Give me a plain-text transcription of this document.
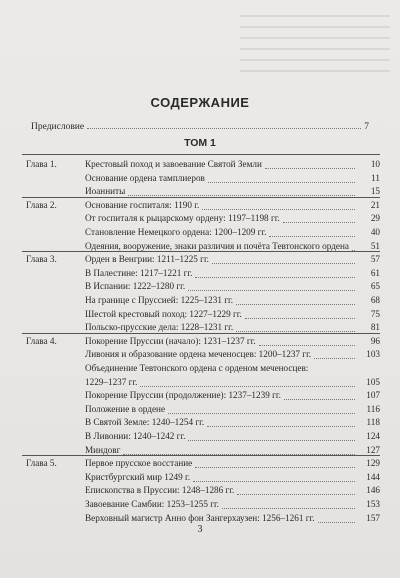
СОДЕРЖАНИЕ
Предисловие	7
ТОМ 1
Глава 1.	Крестовый поход и завоевание Святой Земли	10
Основание ордена тамплиеров	11
Иоанниты	15
Глава 2.	Основание госпиталя: 1190 г.	21
От госпиталя к рыцарскому ордену: 1197–1198 гг.	29
Становление Немецкого ордена: 1200–1209 гг.	40
Одеяния, вооружение, знаки различия и почёта Тевтонского ордена	51
Глава 3.	Орден в Венгрии: 1211–1225 гг.	57
В Палестине: 1217–1221 гг.	61
В Испании: 1222–1280 гг.	65
На границе с Пруссией: 1225–1231 гг.	68
Шестой крестовый поход: 1227–1229 гг.	75
Польско-прусские дела: 1228–1231 гг.	81
Глава 4.	Покорение Пруссии (начало): 1231–1237 гг.	96
Ливония и образование ордена меченосцев: 1200–1237 гг.	103
Объединение Тевтонского ордена с орденом меченосцев:
1229–1237 гг.	105
Покорение Пруссии (продолжение): 1237–1239 гг.	107
Положение в ордене	116
В Святой Земле: 1240–1254 гг.	118
В Ливонии: 1240–1242 гг.	124
Миндовг	127
Глава 5.	Первое прусское восстание	129
Кристбургский мир 1249 г.	144
Епископства в Пруссии: 1248–1286 гг.	146
Завоевание Самбии: 1253–1255 гг.	153
Верховный магистр Анно фон Зангерхаузен: 1256–1261 гг.	157
3
